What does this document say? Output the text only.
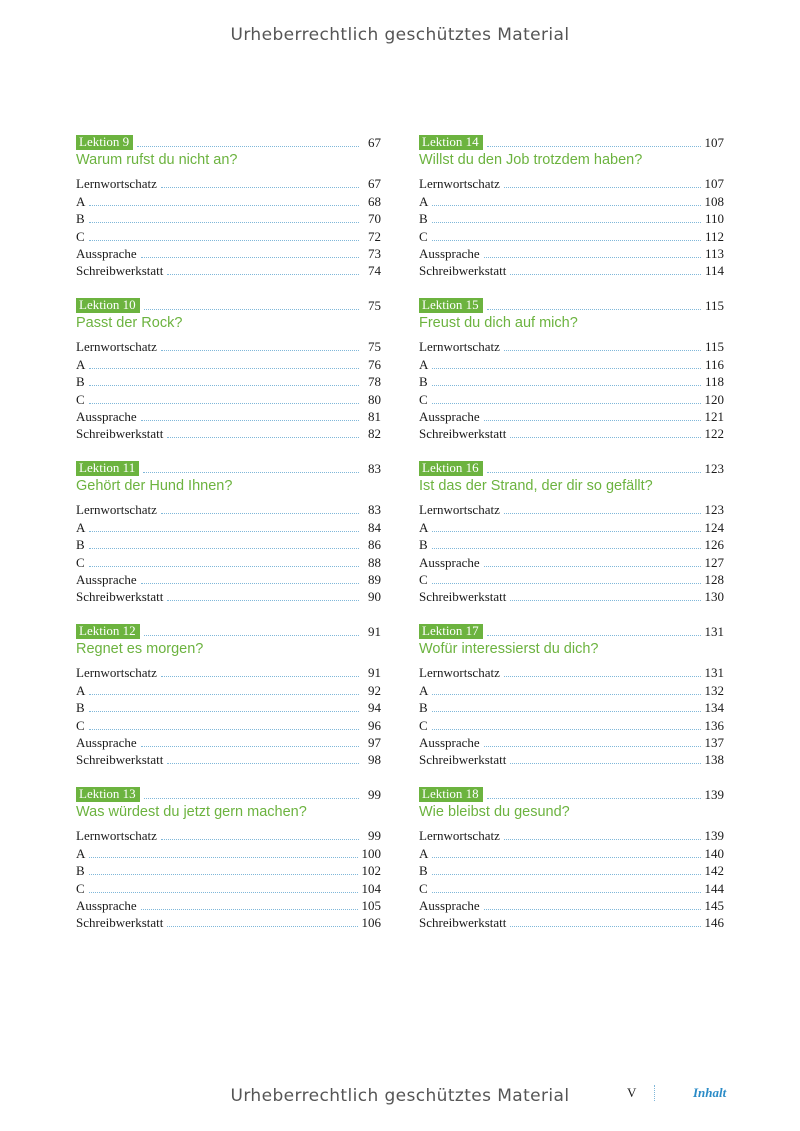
Urheberrechtlich geschütztes Material
Lektion 9	67
Warum rufst du nicht an?
Lernwortschatz	67
A	68
B	70
C	72
Aussprache	73
Schreibwerkstatt	74
Lektion 10	75
Passt der Rock?
Lernwortschatz	75
A	76
B	78
C	80
Aussprache	81
Schreibwerkstatt	82
Lektion 11	83
Gehört der Hund Ihnen?
Lernwortschatz	83
A	84
B	86
C	88
Aussprache	89
Schreibwerkstatt	90
Lektion 12	91
Regnet es morgen?
Lernwortschatz	91
A	92
B	94
C	96
Aussprache	97
Schreibwerkstatt	98
Lektion 13	99
Was würdest du jetzt gern machen?
Lernwortschatz	99
A	100
B	102
C	104
Aussprache	105
Schreibwerkstatt	106
Lektion 14	107
Willst du den Job trotzdem haben?
Lernwortschatz	107
A	108
B	110
C	112
Aussprache	113
Schreibwerkstatt	114
Lektion 15	115
Freust du dich auf mich?
Lernwortschatz	115
A	116
B	118
C	120
Aussprache	121
Schreibwerkstatt	122
Lektion 16	123
Ist das der Strand, der dir so gefällt?
Lernwortschatz	123
A	124
B	126
Aussprache	127
C	128
Schreibwerkstatt	130
Lektion 17	131
Wofür interessierst du dich?
Lernwortschatz	131
A	132
B	134
C	136
Aussprache	137
Schreibwerkstatt	138
Lektion 18	139
Wie bleibst du gesund?
Lernwortschatz	139
A	140
B	142
C	144
Aussprache	145
Schreibwerkstatt	146
Urheberrechtlich geschütztes Material	V	Inhalt
